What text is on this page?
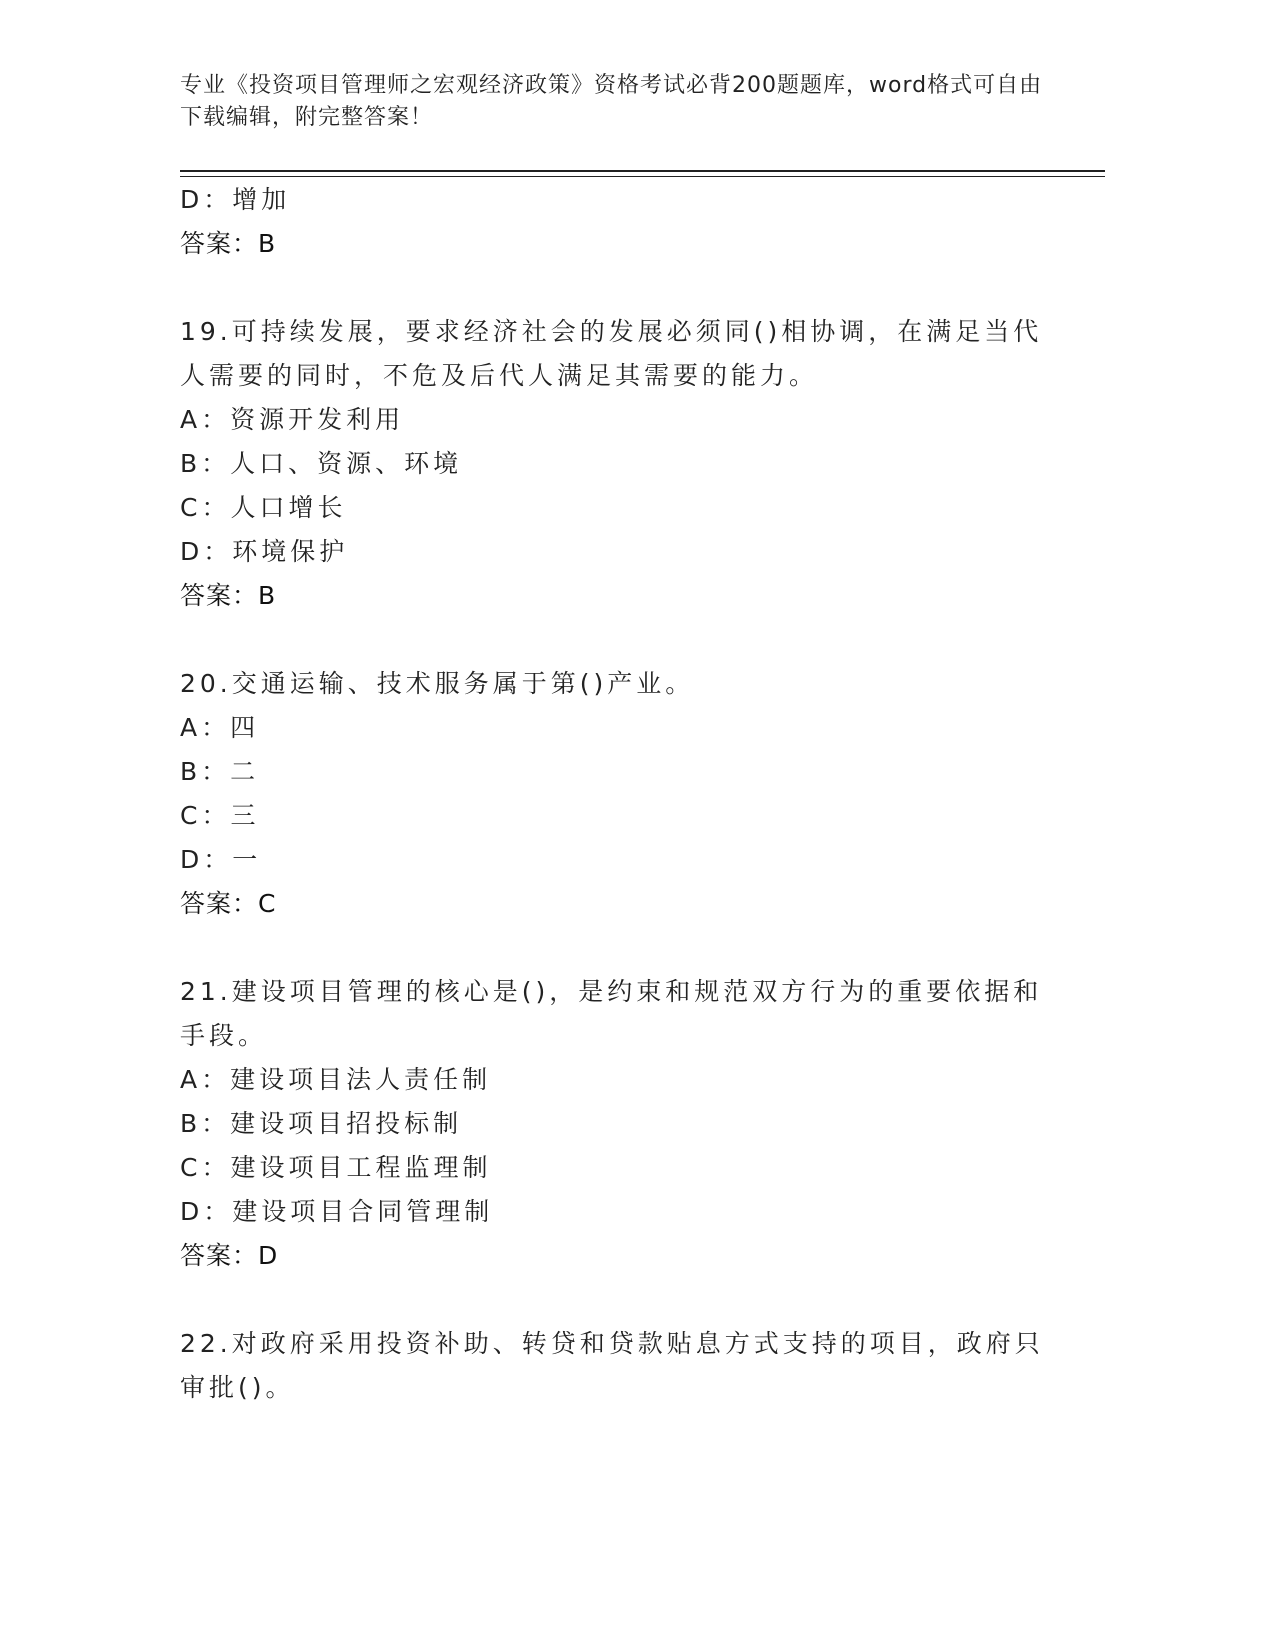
专业《投资项目管理师之宏观经济政策》资格考试必背200题题库，word格式可自由下载编辑，附完整答案！
D：增加
答案：B
19.可持续发展，要求经济社会的发展必须同()相协调，在满足当代人需要的同时，不危及后代人满足其需要的能力。
A：资源开发利用
B：人口、资源、环境
C：人口增长
D：环境保护
答案：B
20.交通运输、技术服务属于第()产业。
A：四
B：二
C：三
D：一
答案：C
21.建设项目管理的核心是()，是约束和规范双方行为的重要依据和手段。
A：建设项目法人责任制
B：建设项目招投标制
C：建设项目工程监理制
D：建设项目合同管理制
答案：D
22.对政府采用投资补助、转贷和贷款贴息方式支持的项目，政府只审批()。
